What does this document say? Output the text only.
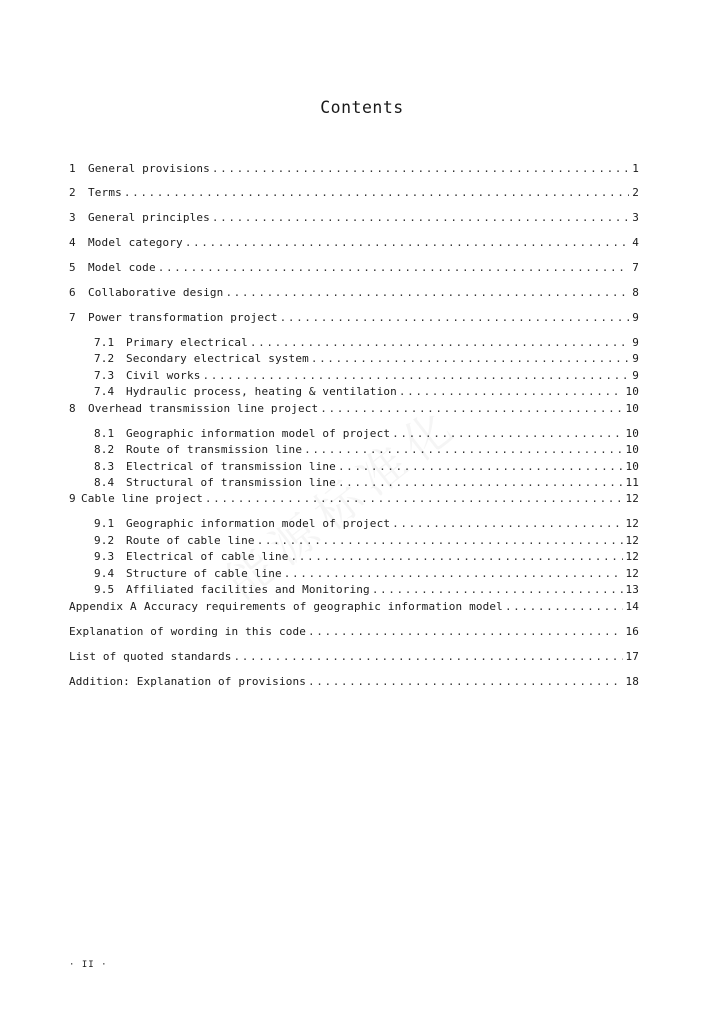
Contents
1	General provisions .....	1
2	Terms .....	2
3	General principles .....	3
4	Model category .....	4
5	Model code .....	7
6	Collaborative design .....	8
7	Power transformation project .....	9
7.1	Primary electrical .....	9
7.2	Secondary electrical system .....	9
7.3	Civil works .....	9
7.4	Hydraulic process, heating & ventilation .....	10
8	Overhead transmission line project .....	10
8.1	Geographic information model of project .....	10
8.2	Route of transmission line .....	10
8.3	Electrical of transmission line .....	10
8.4	Structural of transmission line .....	11
9 Cable line project .....	12
9.1	Geographic information model of project .....	12
9.2	Route of cable line .....	12
9.3	Electrical of cable line .....	12
9.4	Structure of cable line .....	12
9.5	Affiliated facilities and Monitoring .....	13
Appendix A Accuracy requirements of geographic information model .....	14
Explanation of wording in this code .....	16
List of quoted standards .....	17
Addition: Explanation of provisions .....	18
· II ·
